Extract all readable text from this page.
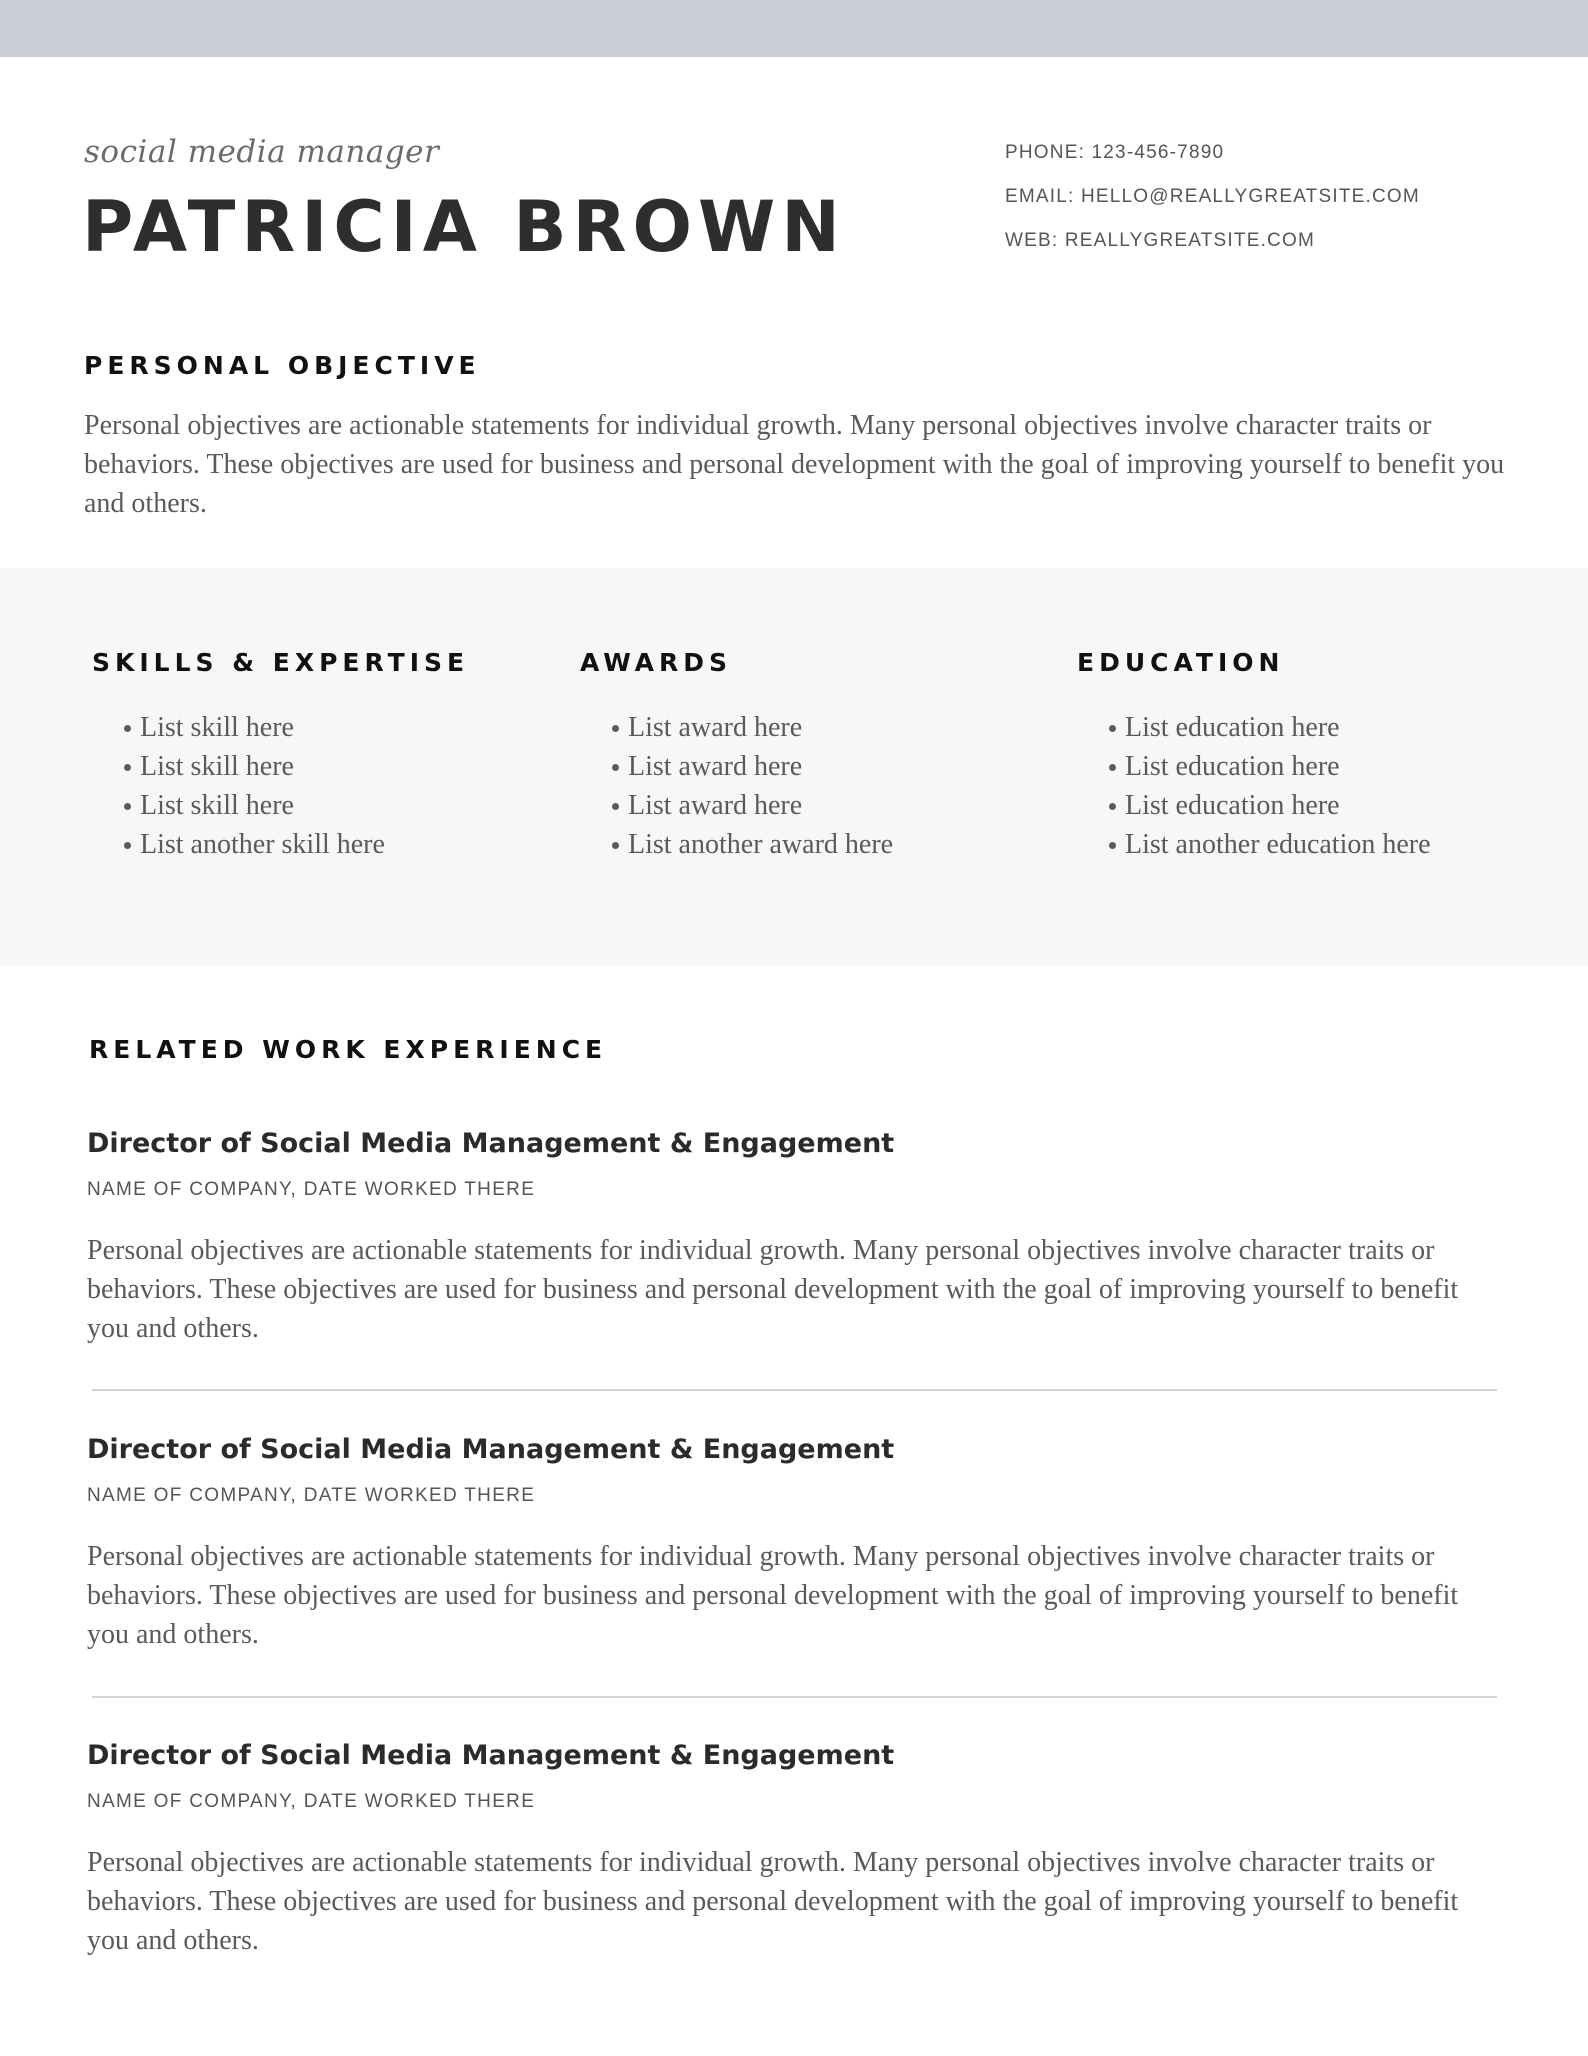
social media manager
PATRICIA BROWN
PHONE: 123-456-7890
EMAIL: HELLO@REALLYGREATSITE.COM
WEB: REALLYGREATSITE.COM
PERSONAL OBJECTIVE
Personal objectives are actionable statements for individual growth. Many personal objectives involve character traits or behaviors. These objectives are used for business and personal development with the goal of improving yourself to benefit you and others.
SKILLS & EXPERTISE
List skill here
List skill here
List skill here
List another skill here
AWARDS
List award here
List award here
List award here
List another award here
EDUCATION
List education here
List education here
List education here
List another education here
RELATED WORK EXPERIENCE
Director of Social Media Management & Engagement
NAME OF COMPANY, DATE WORKED THERE
Personal objectives are actionable statements for individual growth. Many personal objectives involve character traits or behaviors. These objectives are used for business and personal development with the goal of improving yourself to benefit you and others.
Director of Social Media Management & Engagement
NAME OF COMPANY, DATE WORKED THERE
Personal objectives are actionable statements for individual growth. Many personal objectives involve character traits or behaviors. These objectives are used for business and personal development with the goal of improving yourself to benefit you and others.
Director of Social Media Management & Engagement
NAME OF COMPANY, DATE WORKED THERE
Personal objectives are actionable statements for individual growth. Many personal objectives involve character traits or behaviors. These objectives are used for business and personal development with the goal of improving yourself to benefit you and others.
